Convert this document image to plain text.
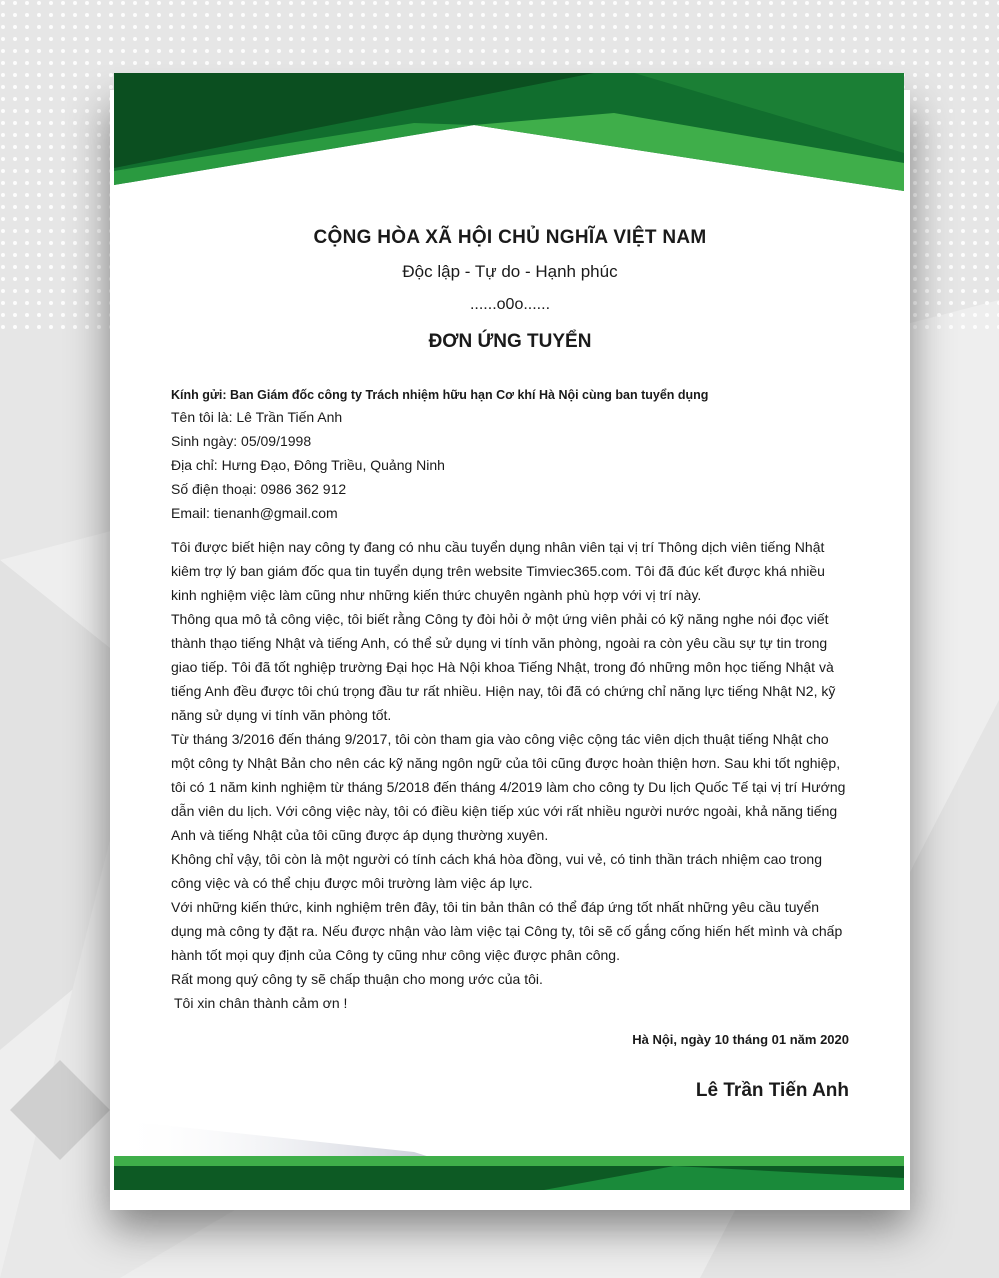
CỘNG HÒA XÃ HỘI CHỦ NGHĨA VIỆT NAM

Độc lập - Tự do - Hạnh phúc

......o0o......

ĐƠN ỨNG TUYỂN
Kính gửi: Ban Giám đốc công ty Trách nhiệm hữu hạn Cơ khí Hà Nội cùng ban tuyển dụng
Tên tôi là: Lê Trần Tiến Anh
Sinh ngày: 05/09/1998
Địa chỉ: Hưng Đạo, Đông Triều, Quảng Ninh
Số điện thoại: 0986 362 912
Email: tienanh@gmail.com

Tôi được biết hiện nay công ty đang có nhu cầu tuyển dụng nhân viên tại vị trí Thông dịch viên tiếng Nhật kiêm trợ lý ban giám đốc qua tin tuyển dụng trên website Timviec365.com. Tôi đã đúc kết được khá nhiều kinh nghiệm việc làm cũng như những kiến thức chuyên ngành phù hợp với vị trí này.

Thông qua mô tả công việc, tôi biết rằng Công ty đòi hỏi ở một ứng viên phải có kỹ năng nghe nói đọc viết thành thạo tiếng Nhật và tiếng Anh, có thể sử dụng vi tính văn phòng, ngoài ra còn yêu cầu sự tự tin trong giao tiếp. Tôi đã tốt nghiệp trường Đại học Hà Nội khoa Tiếng Nhật, trong đó những môn học tiếng Nhật và tiếng Anh đều được tôi chú trọng đầu tư rất nhiều. Hiện nay, tôi đã có chứng chỉ năng lực tiếng Nhật N2, kỹ năng sử dụng vi tính văn phòng tốt.

Từ tháng 3/2016 đến tháng 9/2017, tôi còn tham gia vào công việc cộng tác viên dịch thuật tiếng Nhật cho một công ty Nhật Bản cho nên các kỹ năng ngôn ngữ của tôi cũng được hoàn thiện hơn. Sau khi tốt nghiệp, tôi có 1 năm kinh nghiệm từ tháng 5/2018 đến tháng 4/2019 làm cho công ty Du lịch Quốc Tế tại vị trí Hướng dẫn viên du lịch. Với công việc này, tôi có điều kiện tiếp xúc với rất nhiều người nước ngoài, khả năng tiếng Anh và tiếng Nhật của tôi cũng được áp dụng thường xuyên.

Không chỉ vậy, tôi còn là một người có tính cách khá hòa đồng, vui vẻ, có tinh thần trách nhiệm cao trong công việc và có thể chịu được môi trường làm việc áp lực.

Với những kiến thức, kinh nghiệm trên đây, tôi tin bản thân có thể đáp ứng tốt nhất những yêu cầu tuyển dụng mà công ty đặt ra. Nếu được nhận vào làm việc tại Công ty, tôi sẽ cố gắng cống hiến hết mình và chấp hành tốt mọi quy định của Công ty cũng như công việc được phân công.

Rất mong quý công ty sẽ chấp thuận cho mong ước của tôi.

Tôi xin chân thành cảm ơn !

Hà Nội, ngày 10 tháng 01 năm 2020
Lê Trần Tiến Anh
